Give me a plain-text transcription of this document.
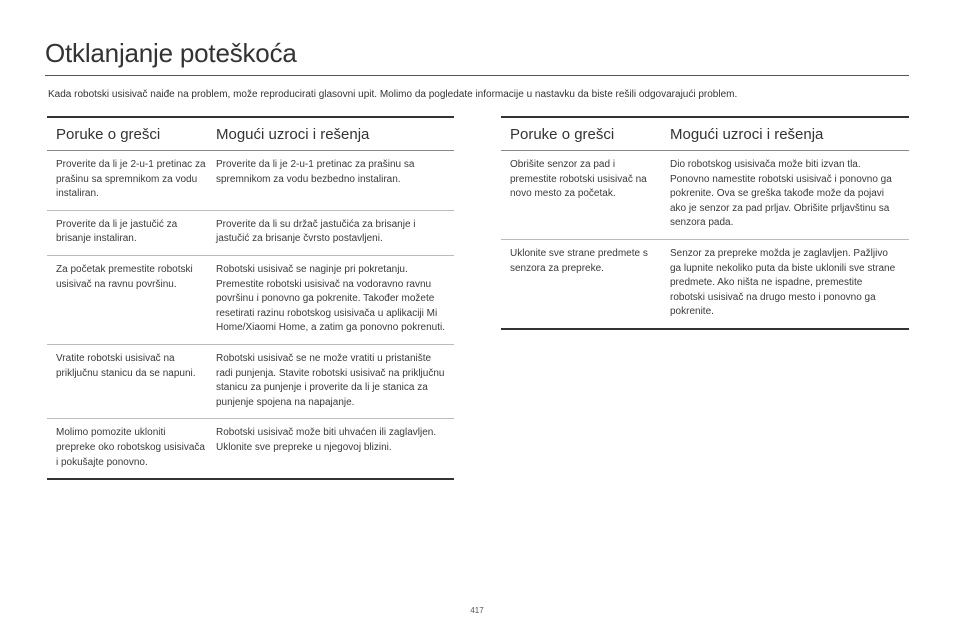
Otklanjanje poteškoća

Kada robotski usisivač naiđe na problem, može reproducirati glasovni upit. Molimo da pogledate informacije u nastavku da biste rešili odgovarajući problem.

Poruke o grešci	Mogući uzroci i rešenja
Proverite da li je 2-u-1 pretinac za prašinu sa spremnikom za vodu instaliran.
Proverite da li je 2-u-1 pretinac za prašinu sa spremnikom za vodu bezbedno instaliran.
Proverite da li je jastučić za brisanje instaliran.
Proverite da li su držač jastučića za brisanje i jastučić za brisanje čvrsto postavljeni.
Za početak premestite robotski usisivač na ravnu površinu.
Robotski usisivač se naginje pri pokretanju. Premestite robotski usisivač na vodoravno ravnu površinu i ponovno ga pokrenite. Također možete resetirati razinu robotskog usisivača u aplikaciji Mi Home/Xiaomi Home, a zatim ga ponovno pokrenuti.
Vratite robotski usisivač na priključnu stanicu da se napuni.
Robotski usisivač se ne može vratiti u pristanište radi punjenja. Stavite robotski usisivač na priključnu stanicu za punjenje i proverite da li je stanica za punjenje spojena na napajanje.
Molimo pomozite ukloniti prepreke oko robotskog usisivača i pokušajte ponovno.
Robotski usisivač može biti uhvaćen ili zaglavljen. Uklonite sve prepreke u njegovoj blizini.
Poruke o grešci	Mogući uzroci i rešenja
Obrišite senzor za pad i premestite robotski usisivač na novo mesto za početak.
Dio robotskog usisivača može biti izvan tla. Ponovno namestite robotski usisivač i ponovno ga pokrenite. Ova se greška takođe može da pojavi ako je senzor za pad prljav. Obrišite prljavštinu sa senzora pada.
Uklonite sve strane predmete s senzora za prepreke.
Senzor za prepreke možda je zaglavljen. Pažljivo ga lupnite nekoliko puta da biste uklonili sve strane predmete. Ako ništa ne ispadne, premestite robotski usisivač na drugo mesto i ponovno ga pokrenite.
417
